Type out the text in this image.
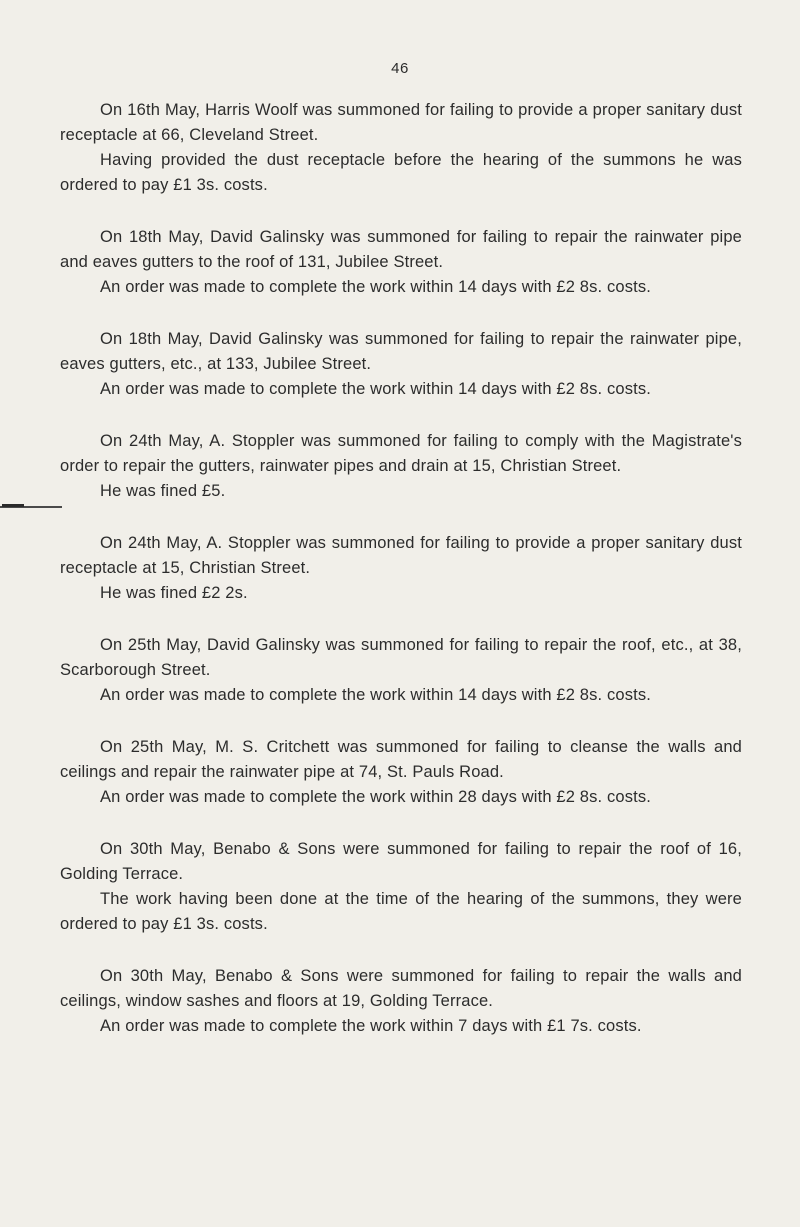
46

On 16th May, Harris Woolf was summoned for failing to provide a proper sanitary dust receptacle at 66, Cleveland Street.

Having provided the dust receptacle before the hearing of the summons he was ordered to pay £1 3s. costs.

On 18th May, David Galinsky was summoned for failing to repair the rainwater pipe and eaves gutters to the roof of 131, Jubilee Street.

An order was made to complete the work within 14 days with £2 8s. costs.

On 18th May, David Galinsky was summoned for failing to repair the rainwater pipe, eaves gutters, etc., at 133, Jubilee Street.

An order was made to complete the work within 14 days with £2 8s. costs.

On 24th May, A. Stoppler was summoned for failing to comply with the Magistrate's order to repair the gutters, rainwater pipes and drain at 15, Christian Street.

He was fined £5.

On 24th May, A. Stoppler was summoned for failing to provide a proper sanitary dust receptacle at 15, Christian Street.

He was fined £2 2s.

On 25th May, David Galinsky was summoned for failing to repair the roof, etc., at 38, Scarborough Street.

An order was made to complete the work within 14 days with £2 8s. costs.

On 25th May, M. S. Critchett was summoned for failing to cleanse the walls and ceilings and repair the rainwater pipe at 74, St. Pauls Road.

An order was made to complete the work within 28 days with £2 8s. costs.

On 30th May, Benabo & Sons were summoned for failing to repair the roof of 16, Golding Terrace.

The work having been done at the time of the hearing of the summons, they were ordered to pay £1 3s. costs.

On 30th May, Benabo & Sons were summoned for failing to repair the walls and ceilings, window sashes and floors at 19, Golding Terrace.

An order was made to complete the work within 7 days with £1 7s. costs.
